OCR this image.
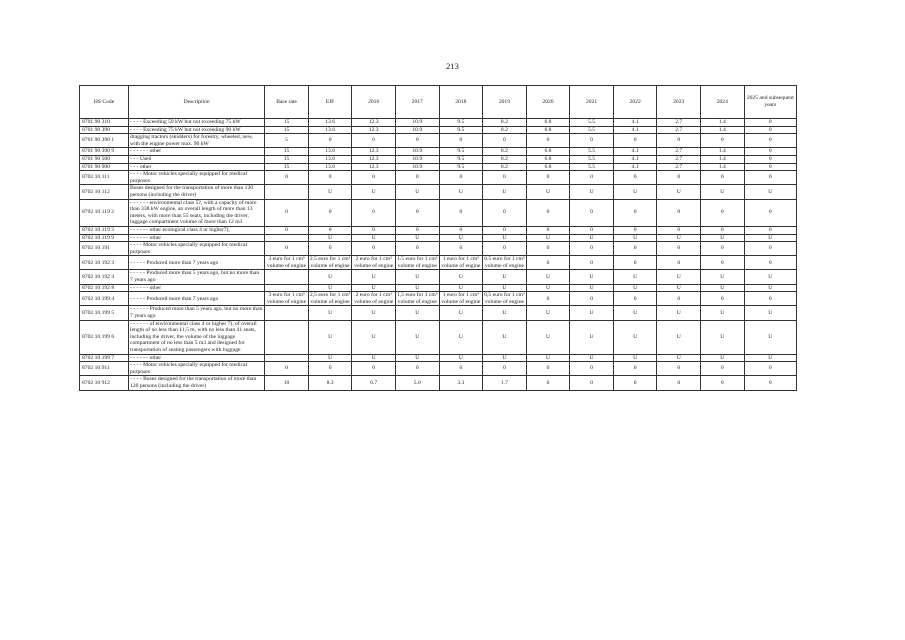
213
HS Code	Description	Base rate	EIF	2016	2017	2018	2019	2020	2021	2022	2023	2024	2025 and subsequent years
8701 90 310	- - - - Exceeding 59 kW but not exceeding 75 kW	15	13.6	12.3	10.9	9.5	8.2	6.8	5.5	4.1	2.7	1.4	0
8701 90 390	- - - - Exceeding 75 kW but not exceeding 90 kW	15	13.6	12.3	10.9	9.5	8.2	6.8	5.5	4.1	2.7	1.4	0
8701 90 390 1	dragging tractors (skidders) for forestry, wheeled, new, with the engine power max. 90 kW	5	0	0	0	0	0	0	0	0	0	0	0
8701 90 390 9	- - - - - - other	15	13.6	12.3	10.9	9.5	8.2	6.8	5.5	4.1	2.7	1.4	0
8701 90 500	- - - Used	15	13.6	12.3	10.9	9.5	8.2	6.8	5.5	4.1	2.7	1.4	0
8701 90 900	- - - other	15	13.6	12.3	10.9	9.5	8.2	6.8	5.5	4.1	2.7	1.4	0
8702 10 111	- - - - Motor vehicles specially equipped for medical purposes	0	0	0	0	0	0	0	0	0	0	0	0
8702 10 112	Buses designed for the transportation of more than 120 persons (including the driver)		U	U	U	U	U	U	U	U	U	U	U
8702 10 119 2	- - - - - - environmental class 5?, with a capacity of more than 338 kW engine, an overall length of more than 13 meters, with more than 55 seats, including the driver, luggage compartment volume of more than 12 m3	0	0	0	0	0	0	0	0	0	0	0	0
8702 10 119 3	- - - - - - other ecological class 4 or higher7),	0	0	0	0	0	0	0	0	0	0	0	0
8702 10 119 9	- - - - - - other		U	U	U	U	U	U	U	U	U	U	U
8702 10 191	- - - - Motor vehicles specially equipped for medical purposes	0	0	0	0	0	0	0	0	0	0	0	0
8702 10 192 3	- - - - - Produced more than 7 years ago	3 euro for 1 cm³ volume of engine	2.5 euro for 1 cm³ volume of engine	2 euro for 1 cm³ volume of engine	1.5 euro for 1 cm³ volume of engine	1 euro for 1 cm³ volume of engine	0.5 euro for 1 cm³ volume of engine	0	0	0	0	0	0
8702 10 192 4	- - - - - Produced more than 5 years ago, but no more than 7 years ago		U	U	U	U	U	U	U	U	U	U	U
8702 10 192 8	- - - - - - other		U	U	U	U	U	U	U	U	U	U	U
8702 10 199 4	- - - - - Produced more than 7 years ago	3 euro for 1 cm³ volume of engine	2,5 euro for 1 cm³ volume of engine	2 euro for 1 cm³ volume of engine	1,5 euro for 1 cm³ volume of engine	1 euro for 1 cm³ volume of engine	0,5 euro for 1 cm³ volume of engine	0	0	0	0	0	0
8702 10 199 5	- - - - - - Produced more than 5 years ago, but no more than 7 years ago		U	U	U	U	U	U	U	U	U	U	U
8702 10 199 6	- - - - - - of environmental class 4 or higher 7), of overall length of no less than 11,5 m, with no less than 41 seats, including the driver, the volume of the luggage compartment of no less than 5 m3 and designed for transportation of seating passengers with luggage		U	U	U	U	U	U	U	U	U	U	U
8702 10 199 7	- - - - - - other		U	U	U	U	U	U	U	U	U	U	U
8702 10 911	- - - - Motor vehicles specially equipped for medical purposes	0	0	0	0	0	0	0	0	0	0	0	0
8702 10 912	- - - - Buses designed for the transportation of more than 120 persons (including the driver)	10	8.3	6.7	5.0	3.3	1.7	0	0	0	0	0	0
